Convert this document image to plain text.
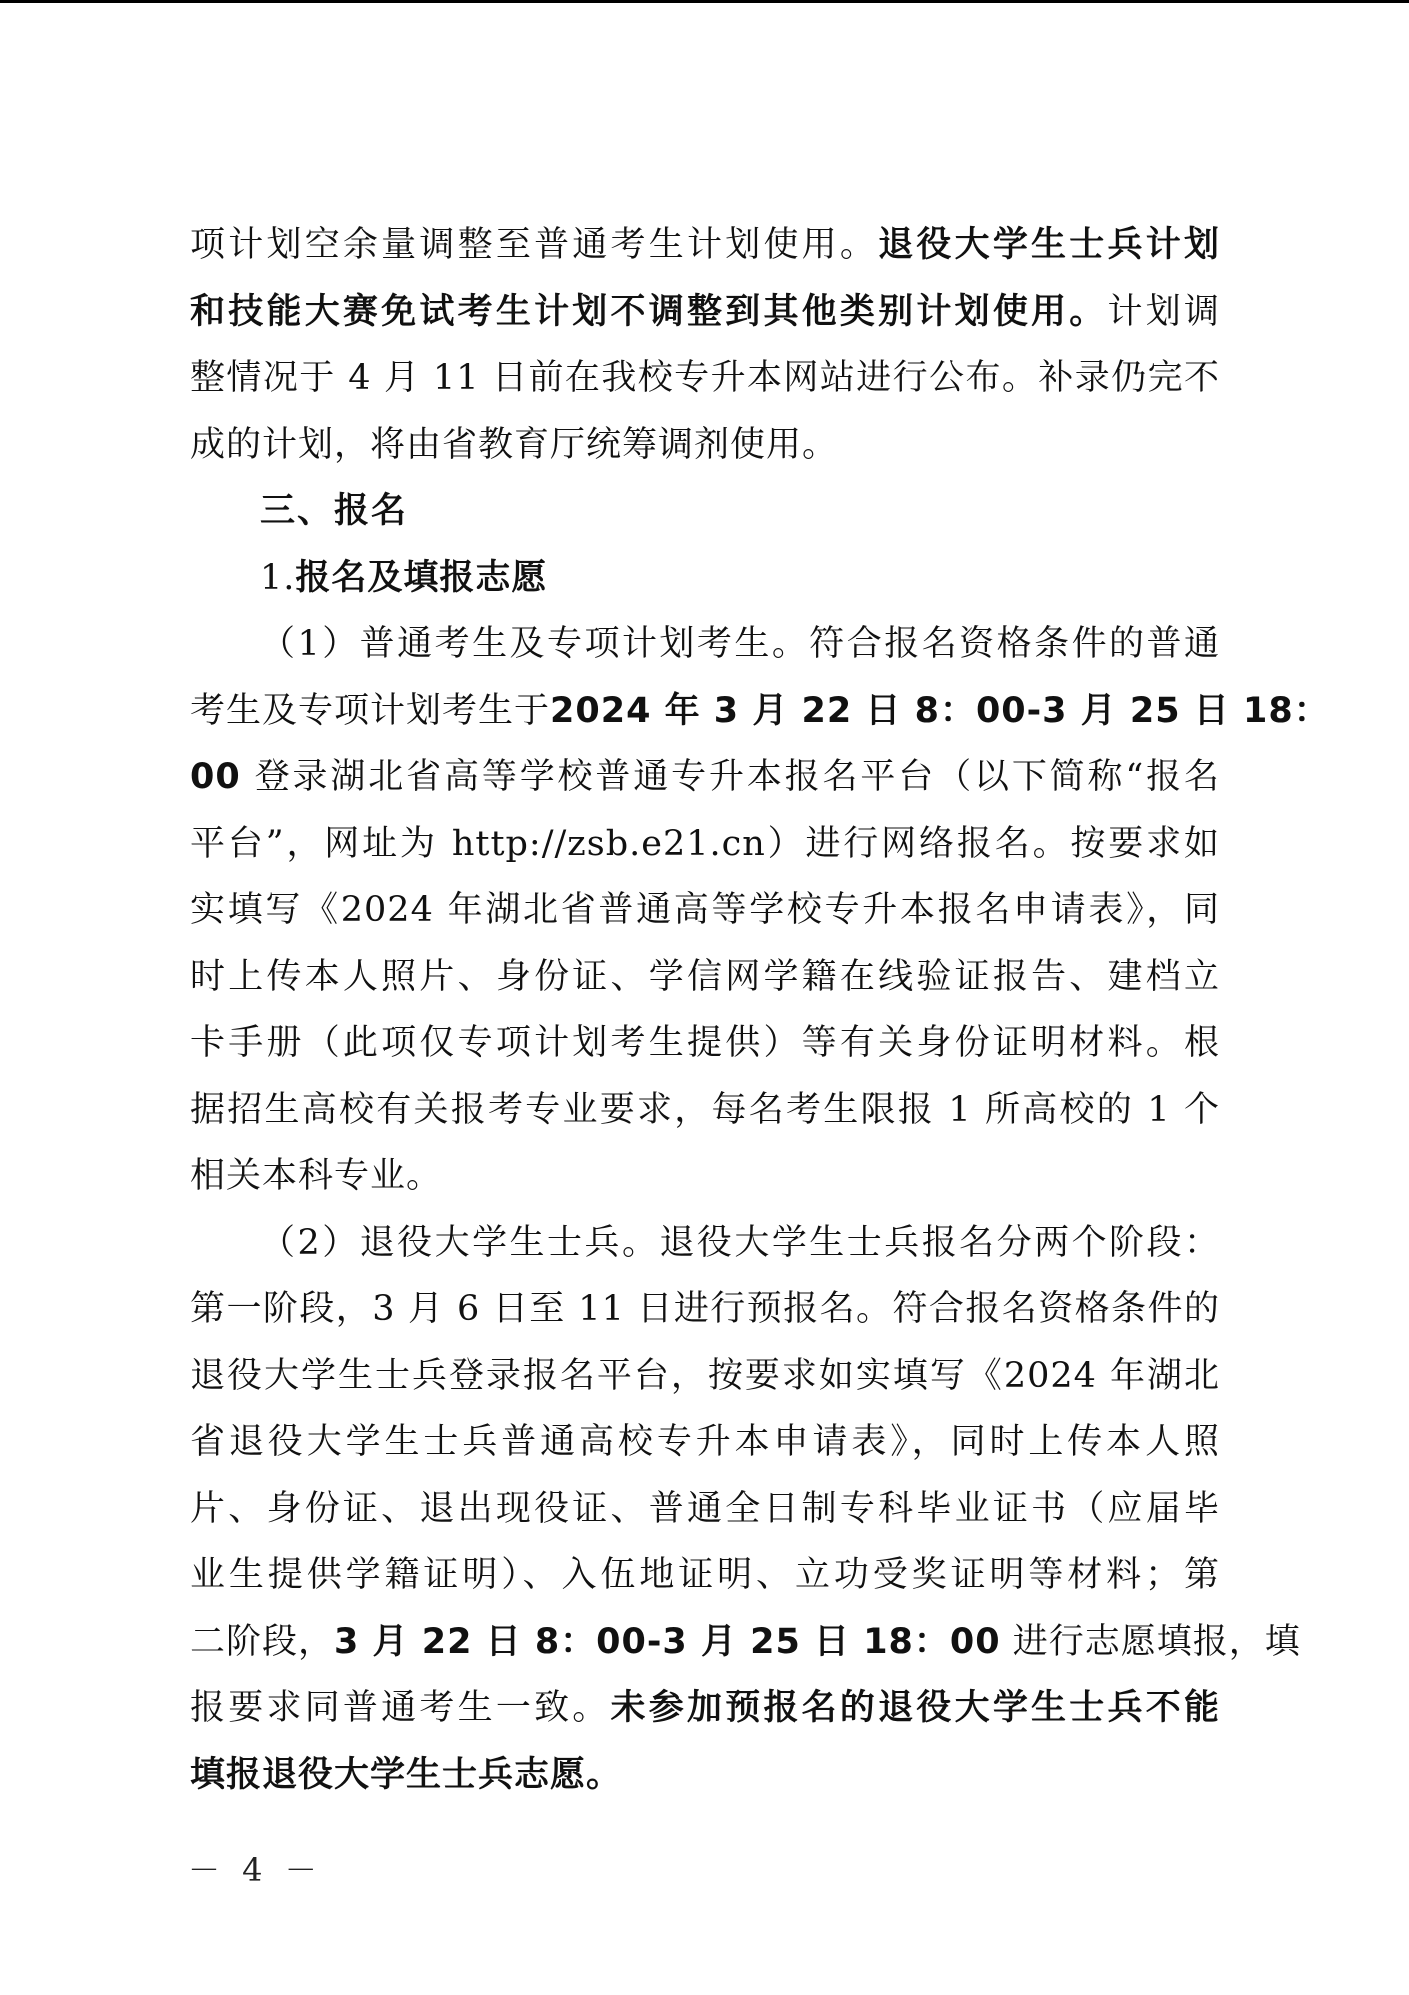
项计划空余量调整至普通考生计划使用。退役大学生士兵计划
和技能大赛免试考生计划不调整到其他类别计划使用。计划调
整情况于 4 月 11 日前在我校专升本网站进行公布。补录仍完不
成的计划，将由省教育厅统筹调剂使用。
三、报名
1.报名及填报志愿
（1）普通考生及专项计划考生。符合报名资格条件的普通
考生及专项计划考生于2024 年 3 月 22 日 8：00-3 月 25 日 18：
00 登录湖北省高等学校普通专升本报名平台（以下简称“报名
平台”，网址为 http://zsb.e21.cn）进行网络报名。按要求如
实填写《2024 年湖北省普通高等学校专升本报名申请表》，同
时上传本人照片、身份证、学信网学籍在线验证报告、建档立
卡手册（此项仅专项计划考生提供）等有关身份证明材料。根
据招生高校有关报考专业要求，每名考生限报 1 所高校的 1 个
相关本科专业。
（2）退役大学生士兵。退役大学生士兵报名分两个阶段：
第一阶段，3 月 6 日至 11 日进行预报名。符合报名资格条件的
退役大学生士兵登录报名平台，按要求如实填写《2024 年湖北
省退役大学生士兵普通高校专升本申请表》，同时上传本人照
片、身份证、退出现役证、普通全日制专科毕业证书（应届毕
业生提供学籍证明）、入伍地证明、立功受奖证明等材料；第
二阶段，3 月 22 日 8：00-3 月 25 日 18：00 进行志愿填报，填
报要求同普通考生一致。未参加预报名的退役大学生士兵不能
填报退役大学生士兵志愿。
－ 4 －
